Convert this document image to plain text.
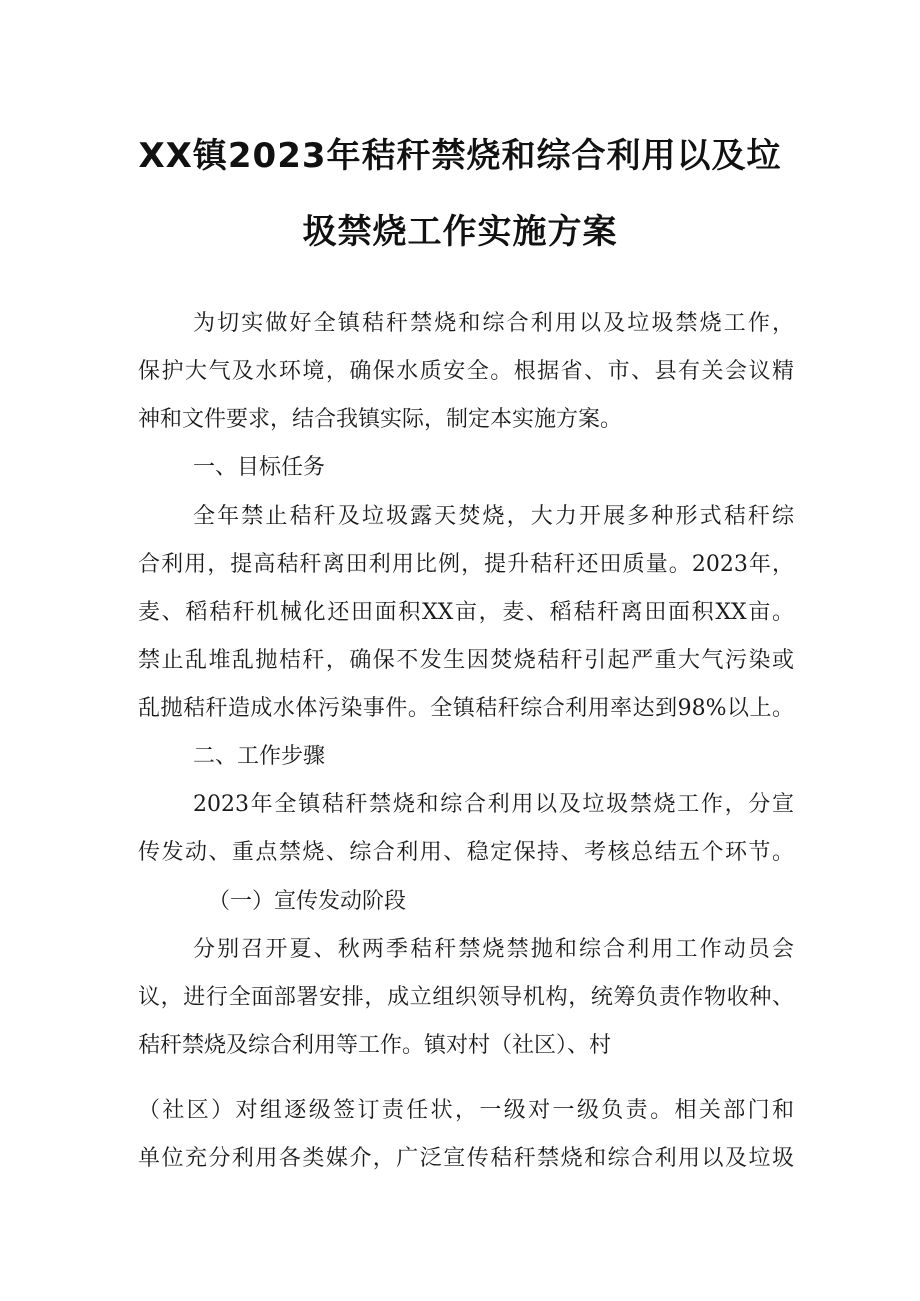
XX镇2023年秸秆禁烧和综合利用以及垃
圾禁烧工作实施方案

为切实做好全镇秸秆禁烧和综合利用以及垃圾禁烧工作，

保护大气及水环境，确保水质安全。根据省、市、县有关会议精

神和文件要求，结合我镇实际，制定本实施方案。

一、目标任务

全年禁止秸秆及垃圾露天焚烧，大力开展多种形式秸秆综

合利用，提高秸秆离田利用比例，提升秸秆还田质量。2023年，

麦、稻秸秆机械化还田面积XX亩，麦、稻秸秆离田面积XX亩。

禁止乱堆乱抛桔秆，确保不发生因焚烧秸秆引起严重大气污染或

乱抛秸秆造成水体污染事件。全镇秸秆综合利用率达到98%以上。

二、工作步骤

2023年全镇秸秆禁烧和综合利用以及垃圾禁烧工作，分宣

传发动、重点禁烧、综合利用、稳定保持、考核总结五个环节。

（一）宣传发动阶段

分别召开夏、秋两季秸秆禁烧禁抛和综合利用工作动员会

议，进行全面部署安排，成立组织领导机构，统筹负责作物收种、

秸秆禁烧及综合利用等工作。镇对村（社区）、村

（社区）对组逐级签订责任状，一级对一级负责。相关部门和

单位充分利用各类媒介，广泛宣传秸秆禁烧和综合利用以及垃圾
